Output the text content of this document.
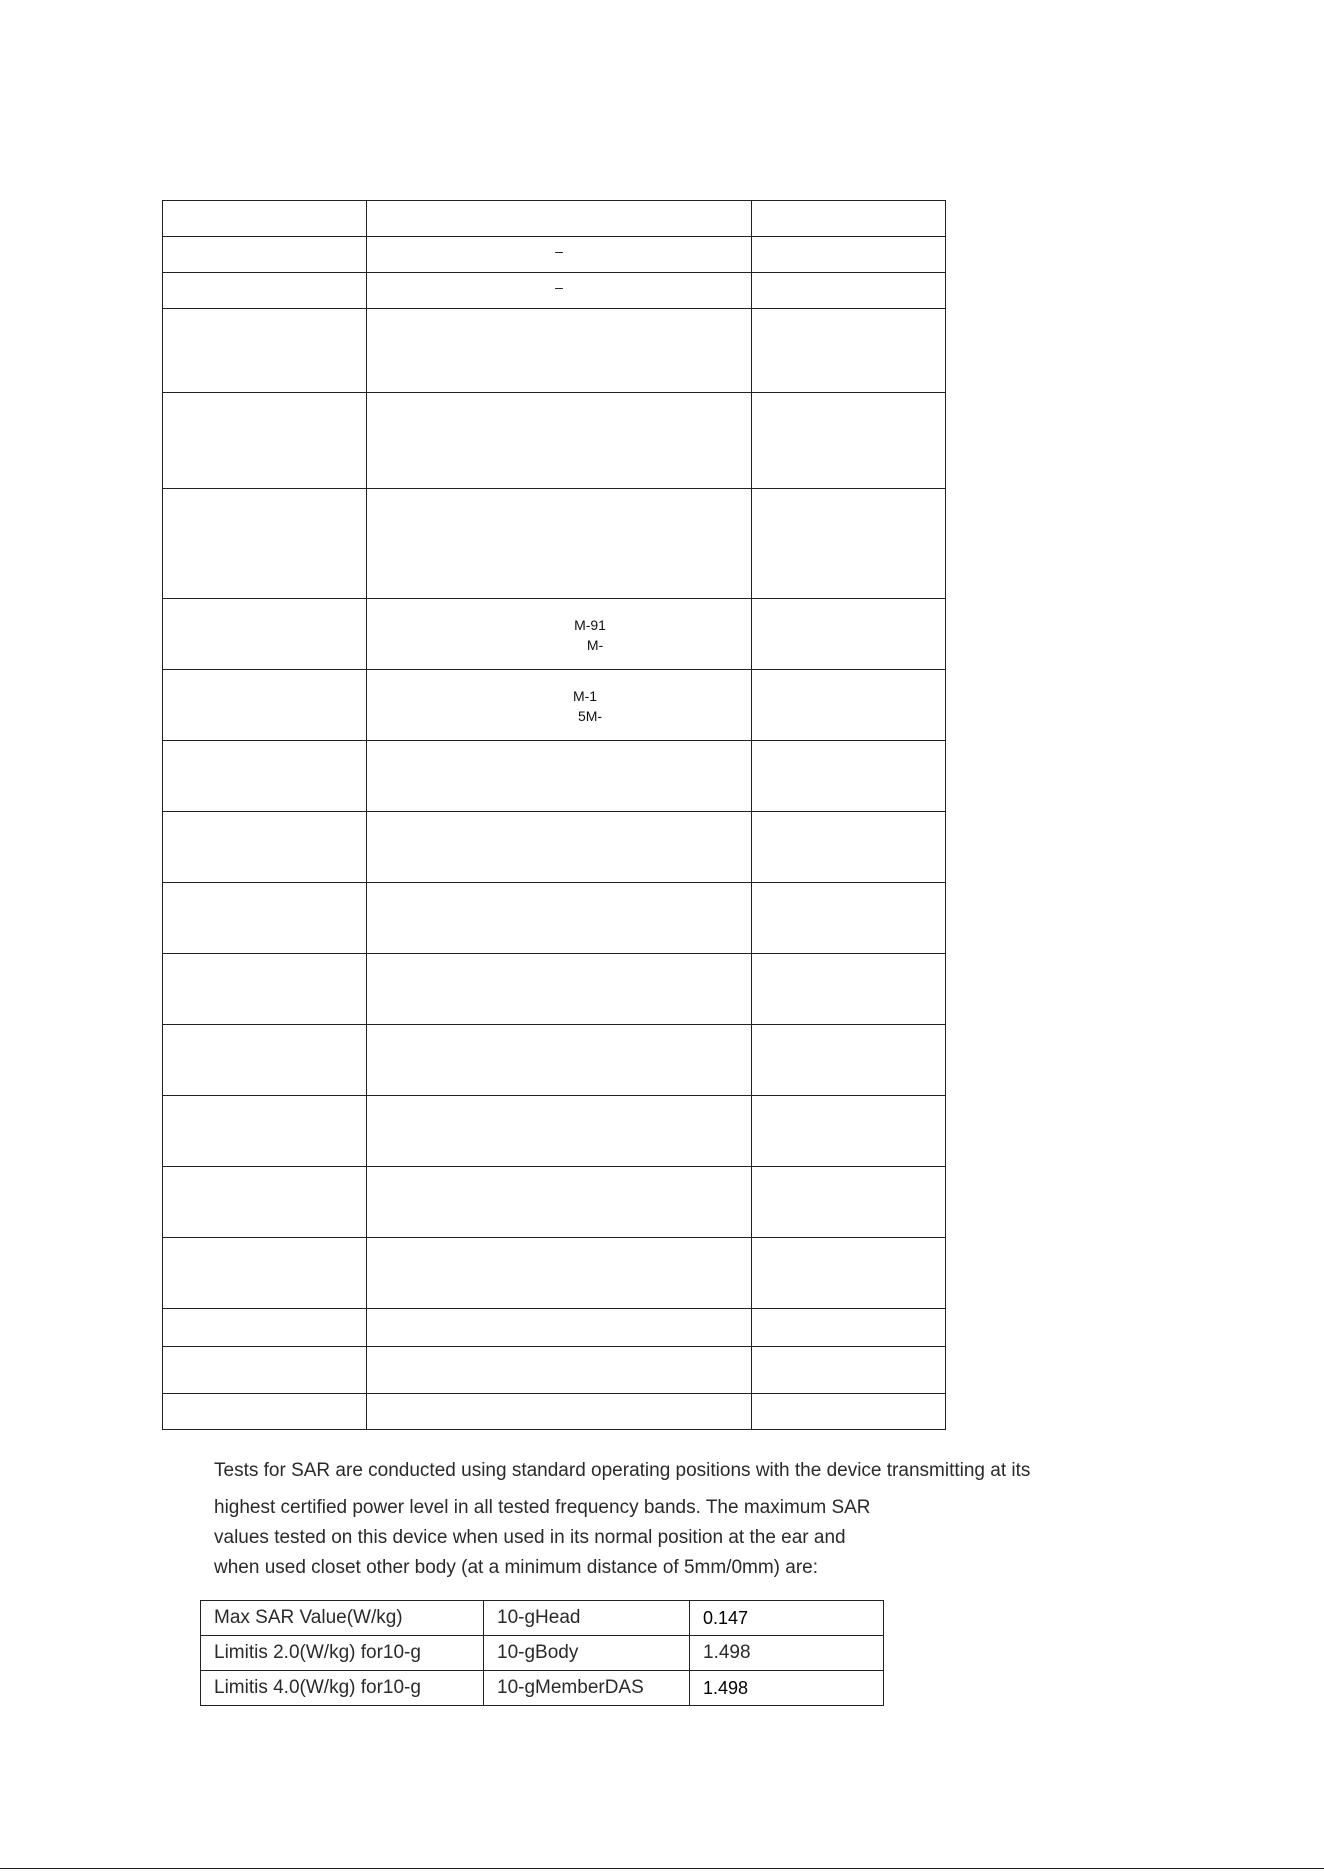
	–	

	–	

	M-91
M-	

	M-1
5M-	

Tests for SAR are conducted using standard operating positions with the device transmitting at its
highest certified power level in all tested frequency bands. The maximum SAR
values tested on this device when used in its normal position at the ear and
when used closet other body (at a minimum distance of 5mm/0mm) are:
Max SAR Value(W/kg)	10-gHead	0.147
Limitis 2.0(W/kg) for10-g	10-gBody	1.498
Limitis 4.0(W/kg) for10-g	10-gMemberDAS	1.498
